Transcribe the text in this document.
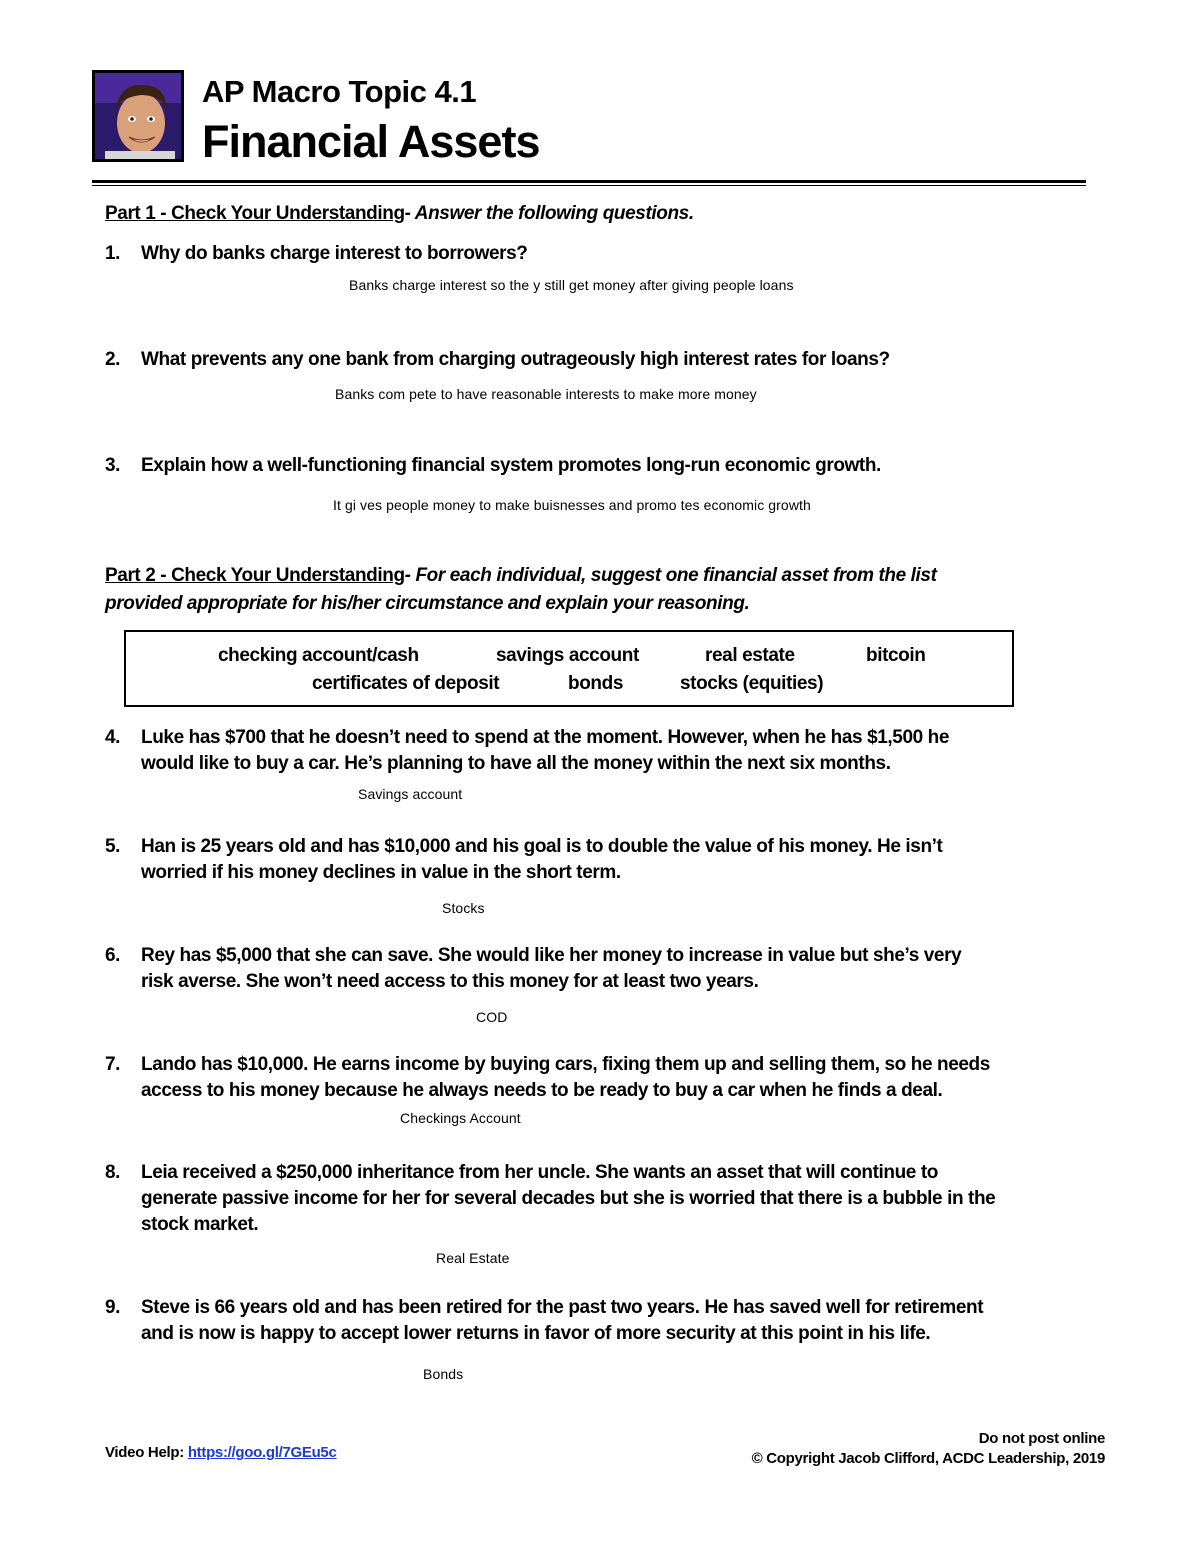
AP Macro Topic 4.1
Financial Assets
Part 1 - Check Your Understanding- Answer the following questions.
1. Why do banks charge interest to borrowers?
Banks charge interest so the y still get money after giving people loans
2. What prevents any one bank from charging outrageously high interest rates for loans?
Banks com pete to have reasonable interests to make more money
3. Explain how a well-functioning financial system promotes long-run economic growth.
It gi ves people money to make buisnesses and promo tes economic growth
Part 2 - Check Your Understanding- For each individual, suggest one financial asset from the list
provided appropriate for his/her circumstance and explain your reasoning.
checking account/cash	savings account	real estate	bitcoin
certificates of deposit	bonds	stocks (equities)
4. Luke has $700 that he doesn’t need to spend at the moment. However, when he has $1,500 he
would like to buy a car. He’s planning to have all the money within the next six months.
Savings account
5. Han is 25 years old and has $10,000 and his goal is to double the value of his money. He isn’t
worried if his money declines in value in the short term.
Stocks
6. Rey has $5,000 that she can save. She would like her money to increase in value but she’s very
risk averse. She won’t need access to this money for at least two years.
COD
7. Lando has $10,000. He earns income by buying cars, fixing them up and selling them, so he needs
access to his money because he always needs to be ready to buy a car when he finds a deal.
Checkings Account
8. Leia received a $250,000 inheritance from her uncle. She wants an asset that will continue to
generate passive income for her for several decades but she is worried that there is a bubble in the
stock market.
Real Estate
9. Steve is 66 years old and has been retired for the past two years. He has saved well for retirement
and is now is happy to accept lower returns in favor of more security at this point in his life.
Bonds
Video Help: https://goo.gl/7GEu5c
Do not post online
© Copyright Jacob Clifford, ACDC Leadership, 2019
